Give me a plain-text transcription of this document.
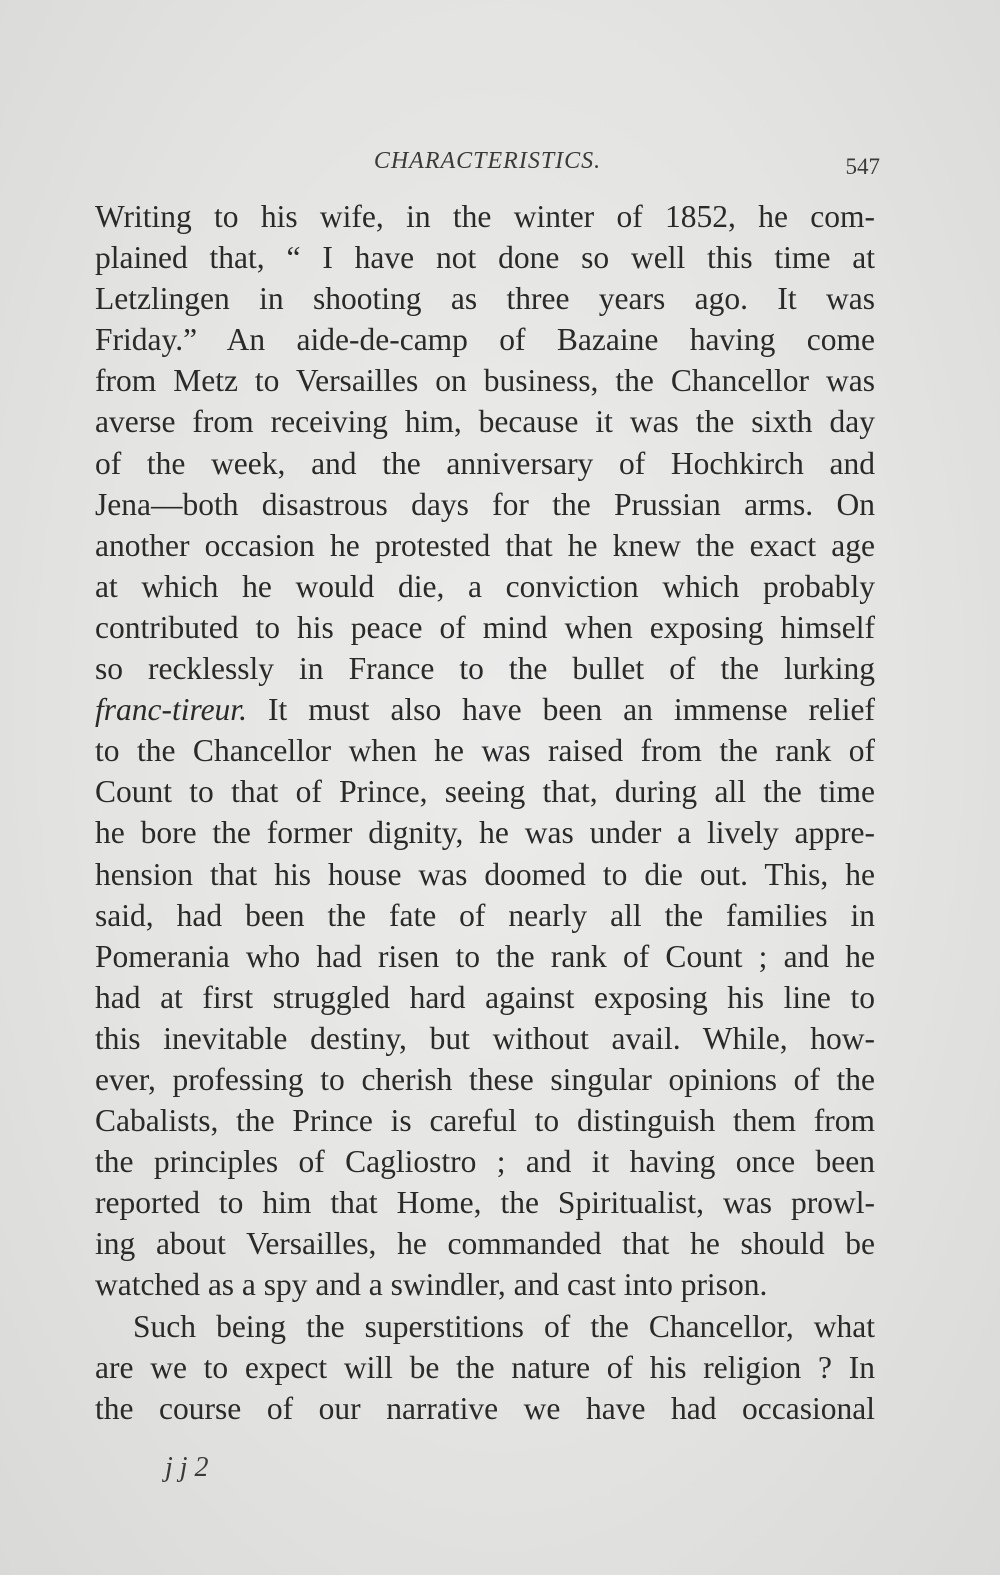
CHARACTERISTICS.	547
Writing to his wife, in the winter of 1852, he com-
plained that, “ I have not done so well this time at
Letzlingen in shooting as three years ago. It was
Friday.” An aide-de-camp of Bazaine having come
from Metz to Versailles on business, the Chancellor was
averse from receiving him, because it was the sixth day
of the week, and the anniversary of Hochkirch and
Jena—both disastrous days for the Prussian arms. On
another occasion he protested that he knew the exact age
at which he would die, a conviction which probably
contributed to his peace of mind when exposing himself
so recklessly in France to the bullet of the lurking
franc-tireur. It must also have been an immense relief
to the Chancellor when he was raised from the rank of
Count to that of Prince, seeing that, during all the time
he bore the former dignity, he was under a lively appre-
hension that his house was doomed to die out. This, he
said, had been the fate of nearly all the families in
Pomerania who had risen to the rank of Count ; and he
had at first struggled hard against exposing his line to
this inevitable destiny, but without avail. While, how-
ever, professing to cherish these singular opinions of the
Cabalists, the Prince is careful to distinguish them from
the principles of Cagliostro ; and it having once been
reported to him that Home, the Spiritualist, was prowl-
ing about Versailles, he commanded that he should be
watched as a spy and a swindler, and cast into prison.
Such being the superstitions of the Chancellor, what
are we to expect will be the nature of his religion ? In
the course of our narrative we have had occasional
j j 2
